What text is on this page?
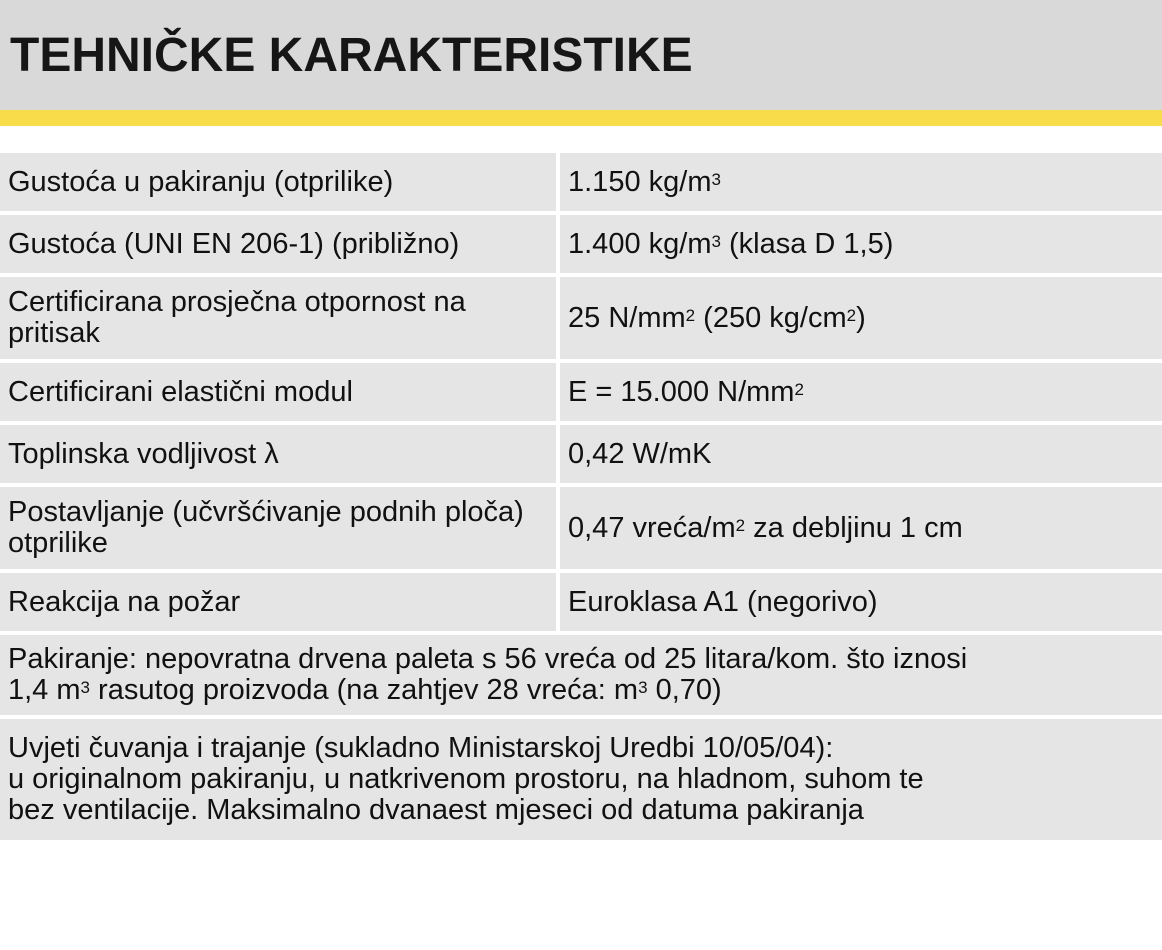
TEHNIČKE KARAKTERISTIKE
Gustoća u pakiranju (otprilike)	1.150 $kg/m^3$
Gustoća (UNI EN 206-1) (približno)	1.400 $kg/m^3$ (klasa D 1,5)
Certificirana prosječna otpornost na pritisak	25 $N/mm^2$ (250 $kg/cm^2$)
Certificirani elastični modul	E = 15.000 $N/mm^2$
Toplinska vodljivost λ	0,42 W/mK
Postavljanje (učvršćivanje podnih ploča) otprilike	0,47 vreća/$m^2$ za debljinu 1 cm
Reakcija na požar	Euroklasa A1 (negorivo)

Pakiranje: nepovratna drvena paleta s 56 vreća od 25 litara/kom. što iznosi
1,4 $m^3$ rasutog proizvoda (na zahtjev 28 vreća: $m^3$ 0,70)	

Uvjeti čuvanja i trajanje (sukladno Ministarskoj Uredbi 10/05/04):
u originalnom pakiranju, u natkrivenom prostoru, na hladnom, suhom te
bez ventilacije. Maksimalno dvanaest mjeseci od datuma pakiranja	
